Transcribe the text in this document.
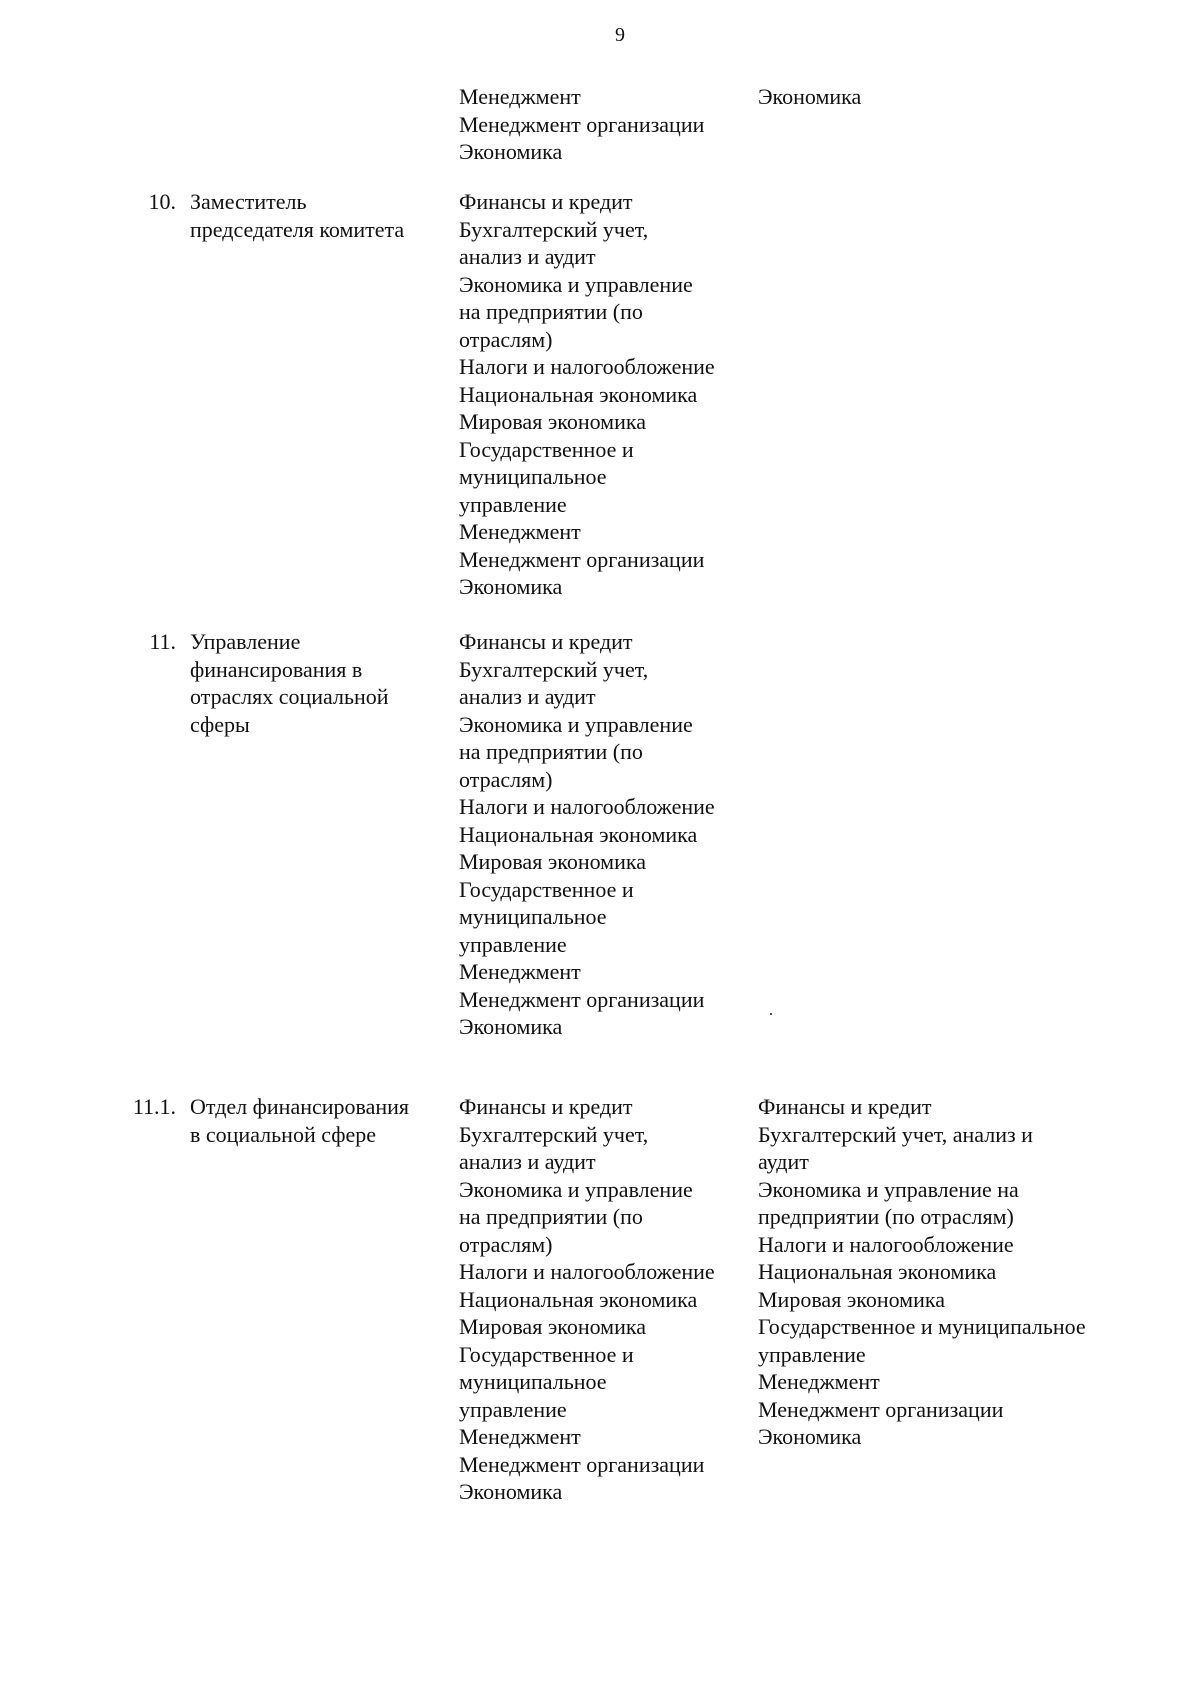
9
Менеджмент
Менеджмент организации
Экономика
Экономика
10. Заместитель
председателя комитета
Финансы и кредит
Бухгалтерский учет,
анализ и аудит
Экономика и управление
на предприятии (по
отраслям)
Налоги и налогообложение
Национальная экономика
Мировая экономика
Государственное и
муниципальное
управление
Менеджмент
Менеджмент организации
Экономика
11. Управление
финансирования в
отраслях социальной
сферы
Финансы и кредит
Бухгалтерский учет,
анализ и аудит
Экономика и управление
на предприятии (по
отраслям)
Налоги и налогообложение
Национальная экономика
Мировая экономика
Государственное и
муниципальное
управление
Менеджмент
Менеджмент организации
Экономика
11.1. Отдел финансирования
в социальной сфере
Финансы и кредит
Бухгалтерский учет,
анализ и аудит
Экономика и управление
на предприятии (по
отраслям)
Налоги и налогообложение
Национальная экономика
Мировая экономика
Государственное и
муниципальное
управление
Менеджмент
Менеджмент организации
Экономика
Финансы и кредит
Бухгалтерский учет, анализ и
аудит
Экономика и управление на
предприятии (по отраслям)
Налоги и налогообложение
Национальная экономика
Мировая экономика
Государственное и муниципальное
управление
Менеджмент
Менеджмент организации
Экономика
